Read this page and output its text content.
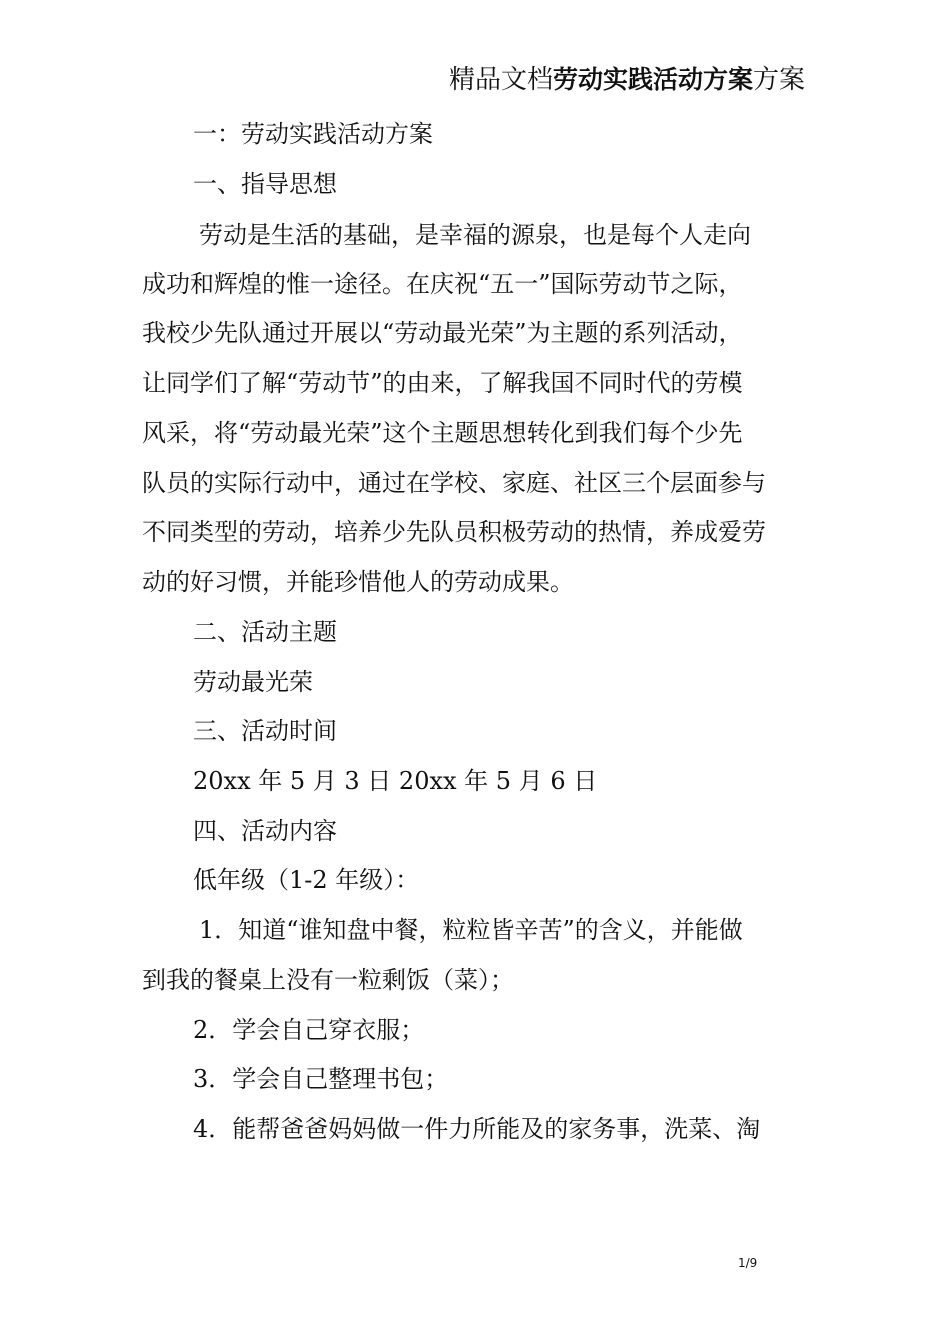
精品文档劳动实践活动方案方案
一：劳动实践活动方案
一、指导思想
劳动是生活的基础，是幸福的源泉，也是每个人走向
成功和辉煌的惟一途径。在庆祝“五一”国际劳动节之际，
我校少先队通过开展以“劳动最光荣”为主题的系列活动，
让同学们了解“劳动节”的由来，了解我国不同时代的劳模
风采，将“劳动最光荣”这个主题思想转化到我们每个少先
队员的实际行动中，通过在学校、家庭、社区三个层面参与
不同类型的劳动，培养少先队员积极劳动的热情，养成爱劳
动的好习惯，并能珍惜他人的劳动成果。
二、活动主题
劳动最光荣
三、活动时间
20xx 年 5 月 3 日 20xx 年 5 月 6 日
四、活动内容
低年级（1-2 年级）：
1．知道“谁知盘中餐，粒粒皆辛苦”的含义，并能做
到我的餐桌上没有一粒剩饭（菜）；
2．学会自己穿衣服；
3．学会自己整理书包；
4．能帮爸爸妈妈做一件力所能及的家务事，洗菜、淘
1/9
